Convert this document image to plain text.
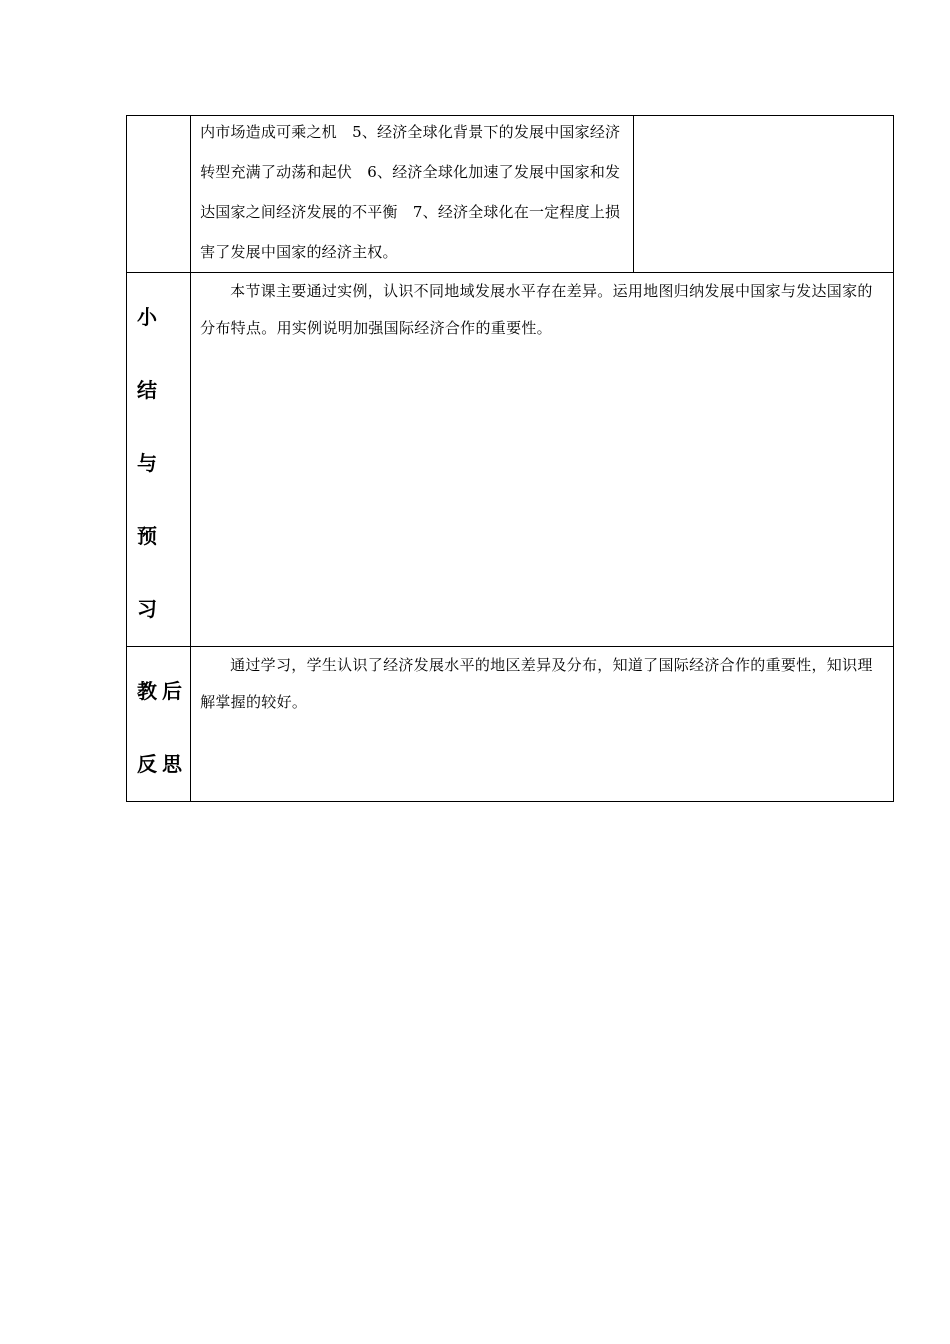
	内市场造成可乘之机　5、经济全球化背景下的发展中国家经济转型充满了动荡和起伏　6、经济全球化加速了发展中国家和发达国家之间经济发展的不平衡　7、经济全球化在一定程度上损害了发展中国家的经济主权。	

小 结
与 预
习	本节课主要通过实例，认识不同地域发展水平存在差异。运用地图归纳发展中国家与发达国家的分布特点。用实例说明加强国际经济合作的重要性。	

教后
反思	通过学习，学生认识了经济发展水平的地区差异及分布，知道了国际经济合作的重要性，知识理解掌握的较好。	
